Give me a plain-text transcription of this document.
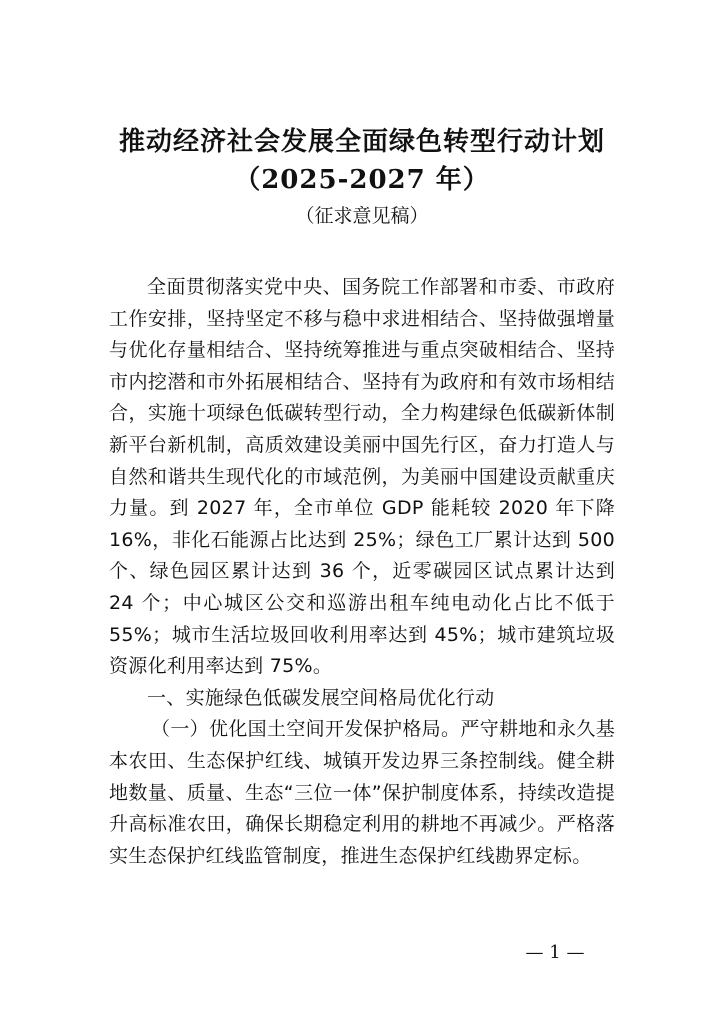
推动经济社会发展全面绿色转型行动计划
（2025-2027 年）
（征求意见稿）

全面贯彻落实党中央、国务院工作部署和市委、市政府工作安排，坚持坚定不移与稳中求进相结合、坚持做强增量与优化存量相结合、坚持统筹推进与重点突破相结合、坚持市内挖潜和市外拓展相结合、坚持有为政府和有效市场相结合，实施十项绿色低碳转型行动，全力构建绿色低碳新体制新平台新机制，高质效建设美丽中国先行区，奋力打造人与自然和谐共生现代化的市域范例，为美丽中国建设贡献重庆力量。到 2027 年，全市单位 GDP 能耗较 2020 年下降 16%，非化石能源占比达到 25%；绿色工厂累计达到 500 个、绿色园区累计达到 36 个，近零碳园区试点累计达到 24 个；中心城区公交和巡游出租车纯电动化占比不低于 55%；城市生活垃圾回收利用率达到 45%；城市建筑垃圾资源化利用率达到 75%。

一、实施绿色低碳发展空间格局优化行动

（一）优化国土空间开发保护格局。严守耕地和永久基本农田、生态保护红线、城镇开发边界三条控制线。健全耕地数量、质量、生态“三位一体”保护制度体系，持续改造提升高标准农田，确保长期稳定利用的耕地不再减少。严格落实生态保护红线监管制度，推进生态保护红线勘界定标。

— 1 —
